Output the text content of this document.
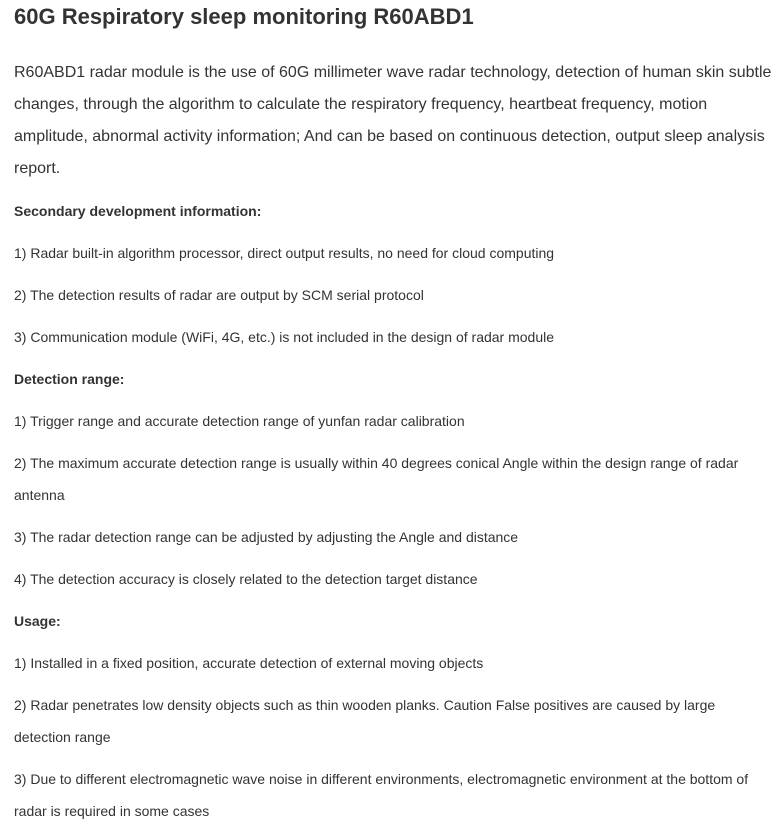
60G Respiratory sleep monitoring R60ABD1

R60ABD1 radar module is the use of 60G millimeter wave radar technology, detection of human skin subtle changes, through the algorithm to calculate the respiratory frequency, heartbeat frequency, motion amplitude, abnormal activity information; And can be based on continuous detection, output sleep analysis report.

Secondary development information:

1) Radar built-in algorithm processor, direct output results, no need for cloud computing

2) The detection results of radar are output by SCM serial protocol

3) Communication module (WiFi, 4G, etc.) is not included in the design of radar module

Detection range:

1) Trigger range and accurate detection range of yunfan radar calibration

2) The maximum accurate detection range is usually within 40 degrees conical Angle within the design range of radar antenna

3) The radar detection range can be adjusted by adjusting the Angle and distance

4) The detection accuracy is closely related to the detection target distance

Usage:

1) Installed in a fixed position, accurate detection of external moving objects

2) Radar penetrates low density objects such as thin wooden planks. Caution False positives are caused by large detection range

3) Due to different electromagnetic wave noise in different environments, electromagnetic environment at the bottom of radar is required in some cases
